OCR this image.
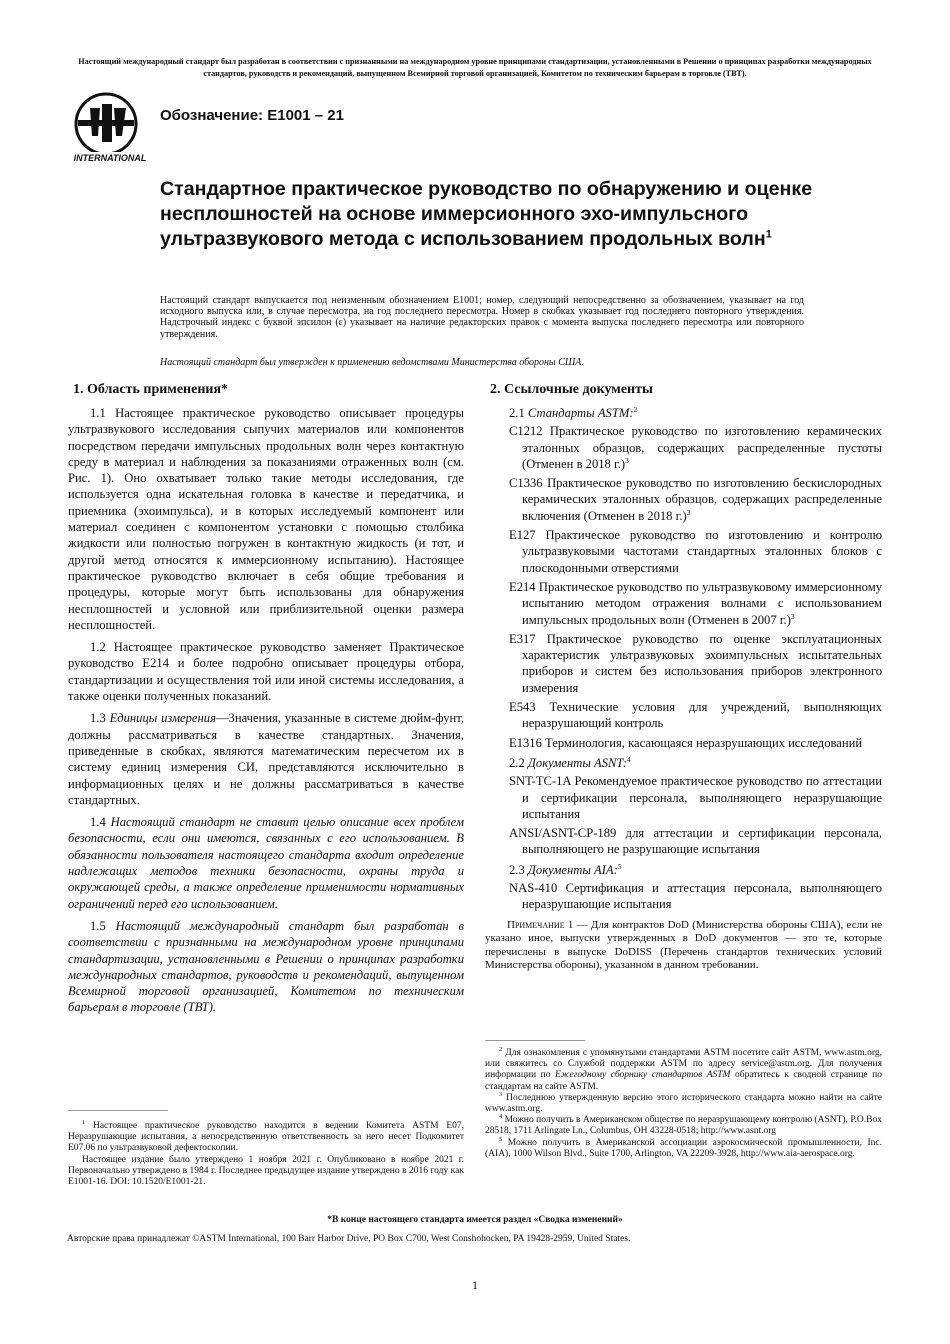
Настоящий международный стандарт был разработан в соответствии с признанными на международном уровне принципами стандартизации, установленными в Решении о принципах разработки международных стандартов, руководств и рекомендаций, выпущенном Всемирной торговой организацией, Комитетом по техническим барьерам в торговле (ТВТ).
INTERNATIONAL
Обозначение: E1001 – 21
Стандартное практическое руководство по обнаружению и оценке несплошностей на основе иммерсионного эхо-импульсного ультразвукового метода с использованием продольных волн$^1$
Настоящий стандарт выпускается под неизменным обозначением E1001; номер, следующий непосредственно за обозначением, указывает на год исходного выпуска или, в случае пересмотра, на год последнего пересмотра. Номер в скобках указывает год последнего повторного утверждения. Надстрочный индекс с буквой эпсилон (ε) указывает на наличие редакторских правок с момента выпуска последнего пересмотра или повторного утверждения.
Настоящий стандарт был утвержден к применению ведомствами Министерства обороны США.
1. Область применения*

1.1 Настоящее практическое руководство описывает процедуры ультразвукового исследования сыпучих материалов или компонентов посредством передачи импульсных продольных волн через контактную среду в материал и наблюдения за показаниями отраженных волн (см. Рис. 1). Оно охватывает только такие методы исследования, где используется одна искательная головка в качестве и передатчика, и приемника (эхоимпульса), и в которых исследуемый компонент или материал соединен с компонентом установки с помощью столбика жидкости или полностью погружен в контактную жидкость (и тот, и другой метод относятся к иммерсионному испытанию). Настоящее практическое руководство включает в себя общие требования и процедуры, которые могут быть использованы для обнаружения несплошностей и условной или приблизительной оценки размера несплошностей.

1.2 Настоящее практическое руководство заменяет Практическое руководство E214 и более подробно описывает процедуры отбора, стандартизации и осуществления той или иной системы исследования, а также оценки полученных показаний.

1.3 Единицы измерения—Значения, указанные в системе дюйм-фунт, должны рассматриваться в качестве стандартных. Значения, приведенные в скобках, являются математическим пересчетом их в систему единиц измерения СИ, представляются исключительно в информационных целях и не должны рассматриваться в качестве стандартных.

1.4 Настоящий стандарт не ставит целью описание всех проблем безопасности, если они имеются, связанных с его использованием. В обязанности пользователя настоящего стандарта входит определение надлежащих методов техники безопасности, охраны труда и окружающей среды, а также определение применимости нормативных ограничений перед его использованием.

1.5 Настоящий международный стандарт был разработан в соответствии с признанными на международном уровне принципами стандартизации, установленными в Решении о принципах разработки международных стандартов, руководств и рекомендаций, выпущенном Всемирной торговой организацией, Комитетом по техническим барьерам в торговле (ТВТ).

2. Ссылочные документы
2.1 Стандарты ASTM:$^2$
C1212 Практическое руководство по изготовлению керамических эталонных образцов, содержащих распределенные пустоты (Отменен в 2018 г.)$^3$
C1336 Практическое руководство по изготовлению бескислородных керамических эталонных образцов, содержащих распределенные включения (Отменен в 2018 г.)$^3$
E127 Практическое руководство по изготовлению и контролю ультразвуковыми частотами стандартных эталонных блоков с плоскодонными отверстиями
E214 Практическое руководство по ультразвуковому иммерсионному испытанию методом отражения волнами с использованием импульсных продольных волн (Отменен в 2007 г.)$^3$
E317 Практическое руководство по оценке эксплуатационных характеристик ультразвуковых эхоимпульсных испытательных приборов и систем без использования приборов электронного измерения
E543 Технические условия для учреждений, выполняющих неразрушающий контроль
E1316 Терминология, касающаяся неразрушающих исследований
2.2 Документы ASNT:$^4$
SNT-TC-1A Рекомендуемое практическое руководство по аттестации и сертификации персонала, выполняющего неразрушающие испытания
ANSI/ASNT-CP-189 для аттестации и сертификации персонала, выполняющего не разрушающие испытания
2.3 Документы AIA:$^5$
NAS-410 Сертификация и аттестация персонала, выполняющего неразрушающие испытания

Примечание 1 — Для контрактов DoD (Министерства обороны США), если не указано иное, выпуски утвержденных в DoD документов — это те, которые перечислены в выпуске DoDISS (Перечень стандартов технических условий Министерства обороны), указанном в данном требовании.

$^1$ Настоящее практическое руководство находится в ведении Комитета ASTM E07, Неразрушающие испытания, а непосредственную ответственность за него несет Подкомитет E07.06 по ультразвуковой дефектоскопии.

Настоящее издание было утверждено 1 ноября 2021 г. Опубликовано в ноябре 2021 г. Первоначально утверждено в 1984 г. Последнее предыдущее издание утверждено в 2016 году как E1001-16. DOI: 10.1520/E1001-21.

$^2$ Для ознакомления с упомянутыми стандартами ASTM посетите сайт ASTM, www.astm.org, или свяжитесь со Службой поддержки ASTM по адресу service@astm.org. Для получения информации по Ежегодному сборнику стандартов ASTM обратитесь к сводной странице по стандартам на сайте ASTM.

$^3$ Последнюю утвержденную версию этого исторического стандарта можно найти на сайте www.astm.org.

$^4$ Можно получить в Американском обществе по неразрушающему контролю (ASNT), P.O.Box 28518, 1711 Arlingate Ln., Columbus, OH 43228-0518; http://www.asnt.org

$^5$ Можно получить в Американской ассоциации аэрокосмической промышленности, Inc. (AIA), 1000 Wilson Blvd., Suite 1700, Arlington, VA 22209-3928, http://www.aia-aerospace.org.

*В конце настоящего стандарта имеется раздел «Сводка изменений»
Авторские права принадлежат ©ASTM International, 100 Barr Harbor Drive, PO Box C700, West Conshohocken, PA 19428-2959, United States.
1
